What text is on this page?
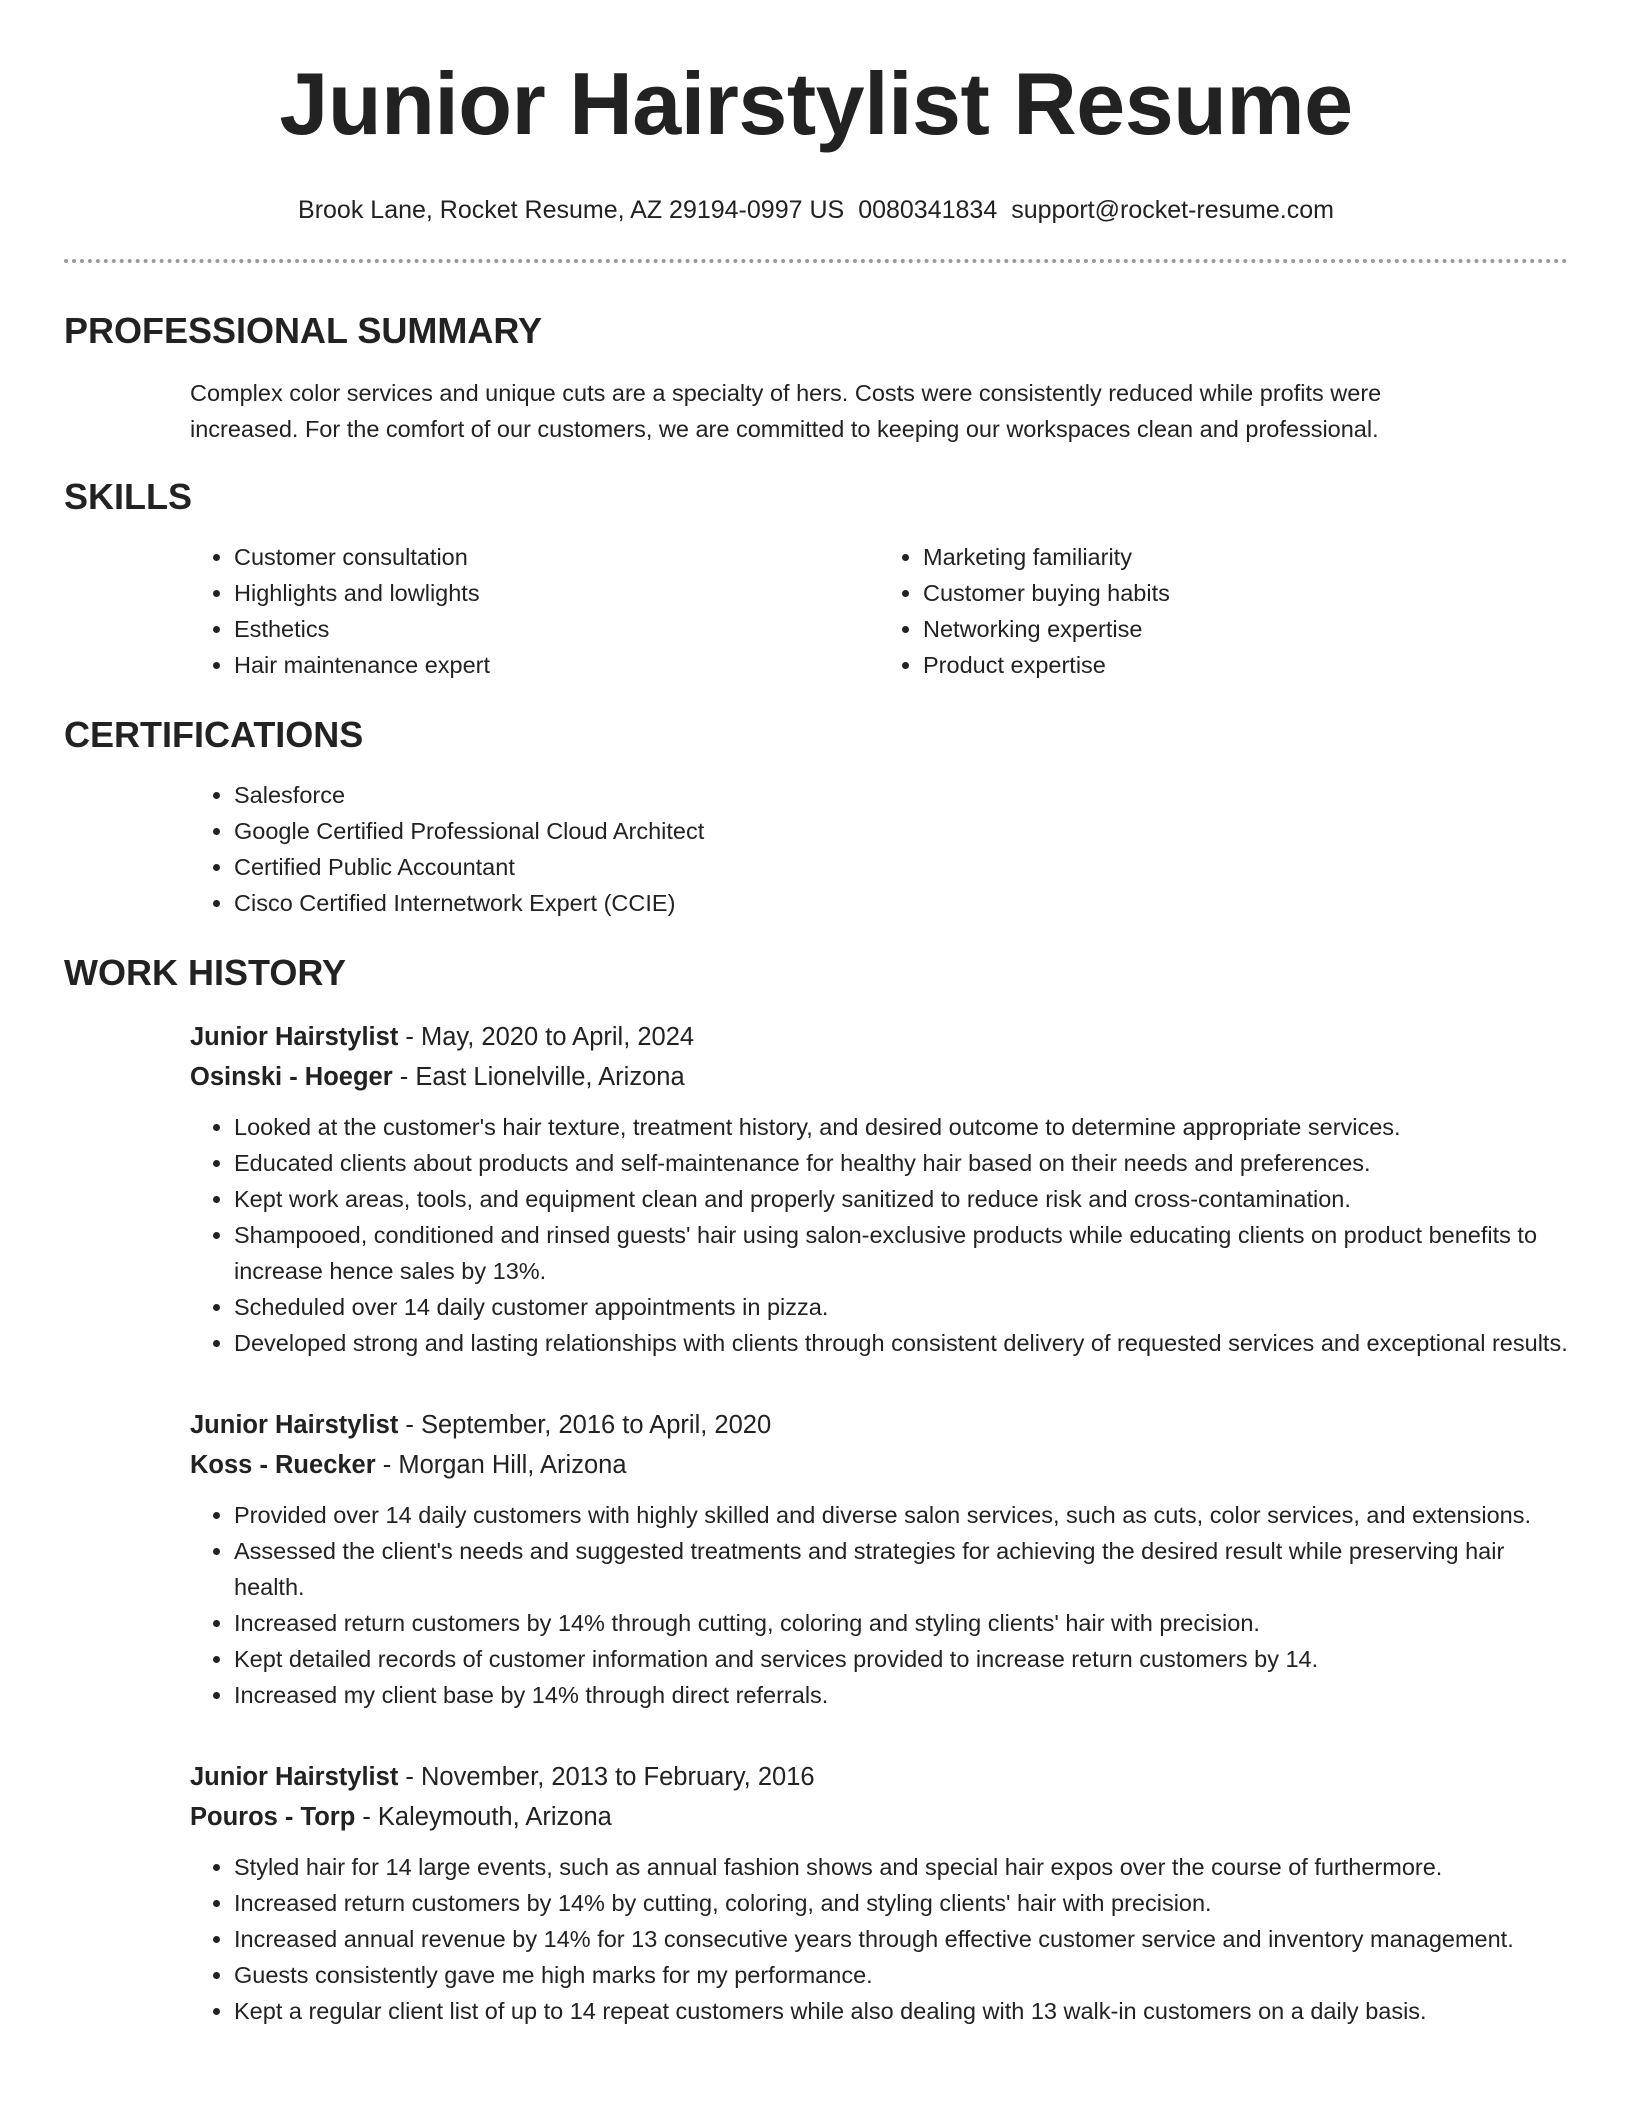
Junior Hairstylist Resume
Brook Lane, Rocket Resume, AZ 29194-0997 US 0080341834 support@rocket-resume.com
PROFESSIONAL SUMMARY
Complex color services and unique cuts are a specialty of hers. Costs were consistently reduced while profits were
increased. For the comfort of our customers, we are committed to keeping our workspaces clean and professional.
SKILLS
• Customer consultation
• Highlights and lowlights
• Esthetics
• Hair maintenance expert
• Marketing familiarity
• Customer buying habits
• Networking expertise
• Product expertise
CERTIFICATIONS
• Salesforce
• Google Certified Professional Cloud Architect
• Certified Public Accountant
• Cisco Certified Internetwork Expert (CCIE)
WORK HISTORY
Junior Hairstylist - May, 2020 to April, 2024
Osinski - Hoeger - East Lionelville, Arizona
• Looked at the customer's hair texture, treatment history, and desired outcome to determine appropriate services.
• Educated clients about products and self-maintenance for healthy hair based on their needs and preferences.
• Kept work areas, tools, and equipment clean and properly sanitized to reduce risk and cross-contamination.
• Shampooed, conditioned and rinsed guests' hair using salon-exclusive products while educating clients on product benefits to increase hence sales by 13%.
• Scheduled over 14 daily customer appointments in pizza.
• Developed strong and lasting relationships with clients through consistent delivery of requested services and exceptional results.
Junior Hairstylist - September, 2016 to April, 2020
Koss - Ruecker - Morgan Hill, Arizona
• Provided over 14 daily customers with highly skilled and diverse salon services, such as cuts, color services, and extensions.
• Assessed the client's needs and suggested treatments and strategies for achieving the desired result while preserving hair health.
• Increased return customers by 14% through cutting, coloring and styling clients' hair with precision.
• Kept detailed records of customer information and services provided to increase return customers by 14.
• Increased my client base by 14% through direct referrals.
Junior Hairstylist - November, 2013 to February, 2016
Pouros - Torp - Kaleymouth, Arizona
• Styled hair for 14 large events, such as annual fashion shows and special hair expos over the course of furthermore.
• Increased return customers by 14% by cutting, coloring, and styling clients' hair with precision.
• Increased annual revenue by 14% for 13 consecutive years through effective customer service and inventory management.
• Guests consistently gave me high marks for my performance.
• Kept a regular client list of up to 14 repeat customers while also dealing with 13 walk-in customers on a daily basis.
